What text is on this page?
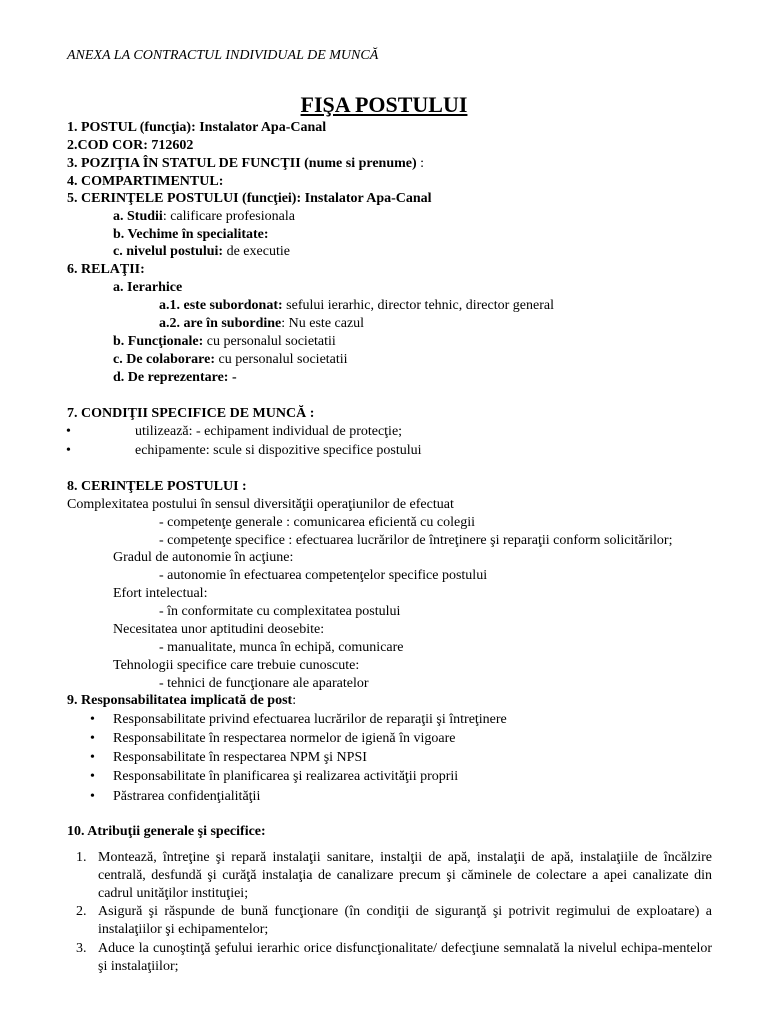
ANEXA LA CONTRACTUL INDIVIDUAL DE MUNCĂ
FIŞA POSTULUI
1. POSTUL (funcţia): Instalator Apa-Canal
2.COD COR: 712602
3. POZIŢIA ÎN STATUL DE FUNCŢII (nume si prenume) :
4. COMPARTIMENTUL:
5. CERINŢELE POSTULUI (funcţiei): Instalator Apa-Canal
a. Studii: calificare profesionala
b. Vechime în specialitate:
c. nivelul postului: de executie
6. RELAŢII:
a. Ierarhice
a.1. este subordonat: sefului ierarhic, director tehnic, director general
a.2. are în subordine: Nu este cazul
b. Funcţionale: cu personalul societatii
c. De colaborare: cu personalul societatii
d. De reprezentare: -
7. CONDIŢII SPECIFICE DE MUNCĂ :
•	utilizează: - echipament individual de protecţie;
•	echipamente: scule si dispozitive specifice postului
8. CERINŢELE POSTULUI :
Complexitatea postului în sensul diversităţii operaţiunilor de efectuat
- competenţe generale : comunicarea eficientă cu colegii
- competenţe specifice : efectuarea lucrărilor de întreţinere şi reparaţii conform solicitărilor;
Gradul de autonomie în acţiune:
- autonomie în efectuarea competenţelor specifice postului
Efort intelectual:
- în conformitate cu complexitatea postului
Necesitatea unor aptitudini deosebite:
- manualitate, munca în echipă, comunicare
Tehnologii specifice care trebuie cunoscute:
- tehnici de funcţionare ale aparatelor
9. Responsabilitatea implicată de post:
• Responsabilitate privind efectuarea lucrărilor de reparaţii şi întreţinere
• Responsabilitate în respectarea normelor de igienă în vigoare
• Responsabilitate în respectarea NPM şi NPSI
• Responsabilitate în planificarea şi realizarea activităţii proprii
• Păstrarea confidenţialităţii
10. Atribuţii generale şi specifice:
1. Montează, întreţine şi repară instalaţii sanitare, instalţii de apă, instalaţii de apă, instalaţiile de încălzire centrală, desfundă şi curăţă instalaţia de canalizare precum şi căminele de colectare a apei canalizate din cadrul unităţilor instituţiei;
2. Asigură şi răspunde de bună funcţionare (în condiţii de siguranţă şi potrivit regimului de exploatare) a instalaţiilor şi echipamentelor;
3. Aduce la cunoştinţă şefului ierarhic orice disfuncţionalitate/ defecţiune semnalată la nivelul echipa-mentelor şi instalaţiilor;
